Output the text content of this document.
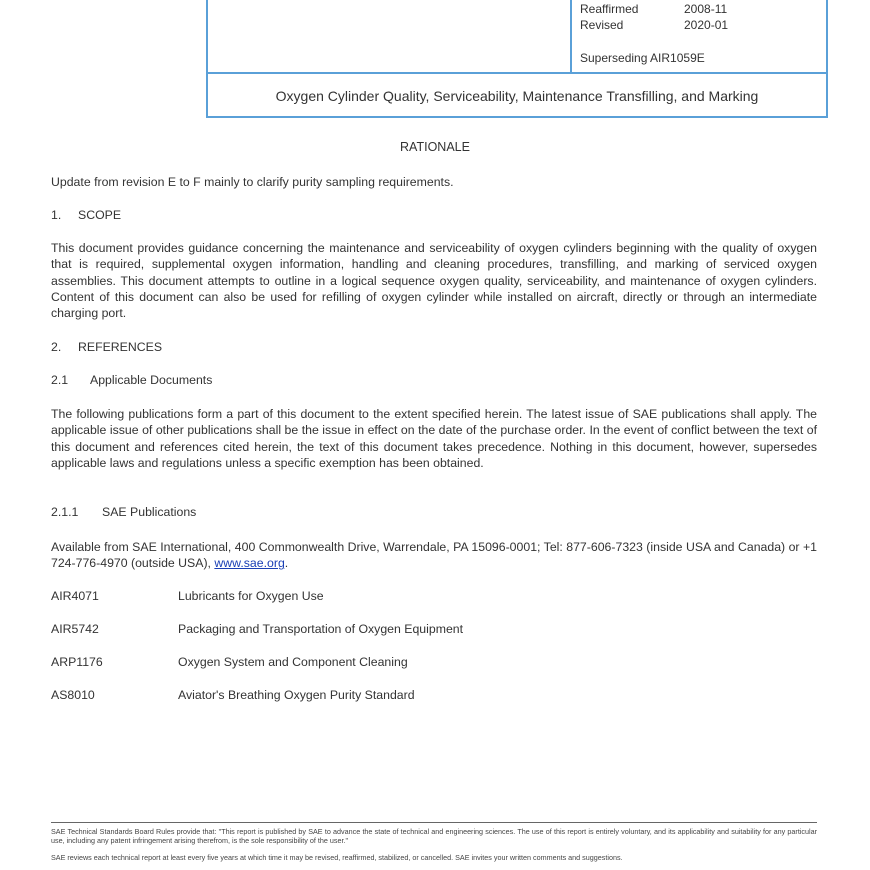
Reaffirmed	2008-11
Revised	2020-01
Superseding AIR1059E
Oxygen Cylinder Quality, Serviceability, Maintenance Transfilling, and Marking
RATIONALE
Update from revision E to F mainly to clarify purity sampling requirements.
1. SCOPE
This document provides guidance concerning the maintenance and serviceability of oxygen cylinders beginning with the quality of oxygen that is required, supplemental oxygen information, handling and cleaning procedures, transfilling, and marking of serviced oxygen assemblies. This document attempts to outline in a logical sequence oxygen quality, serviceability, and maintenance of oxygen cylinders. Content of this document can also be used for refilling of oxygen cylinder while installed on aircraft, directly or through an intermediate charging port.
2. REFERENCES
2.1 Applicable Documents
The following publications form a part of this document to the extent specified herein. The latest issue of SAE publications shall apply. The applicable issue of other publications shall be the issue in effect on the date of the purchase order. In the event of conflict between the text of this document and references cited herein, the text of this document takes precedence. Nothing in this document, however, supersedes applicable laws and regulations unless a specific exemption has been obtained.
2.1.1 SAE Publications
Available from SAE International, 400 Commonwealth Drive, Warrendale, PA 15096-0001; Tel: 877-606-7323 (inside USA and Canada) or +1 724-776-4970 (outside USA), www.sae.org.
AIR4071	Lubricants for Oxygen Use
AIR5742	Packaging and Transportation of Oxygen Equipment
ARP1176	Oxygen System and Component Cleaning
AS8010	Aviator's Breathing Oxygen Purity Standard
SAE Technical Standards Board Rules provide that: "This report is published by SAE to advance the state of technical and engineering sciences. The use of this report is entirely voluntary, and its applicability and suitability for any particular use, including any patent infringement arising therefrom, is the sole responsibility of the user."
SAE reviews each technical report at least every five years at which time it may be revised, reaffirmed, stabilized, or cancelled. SAE invites your written comments and suggestions.
